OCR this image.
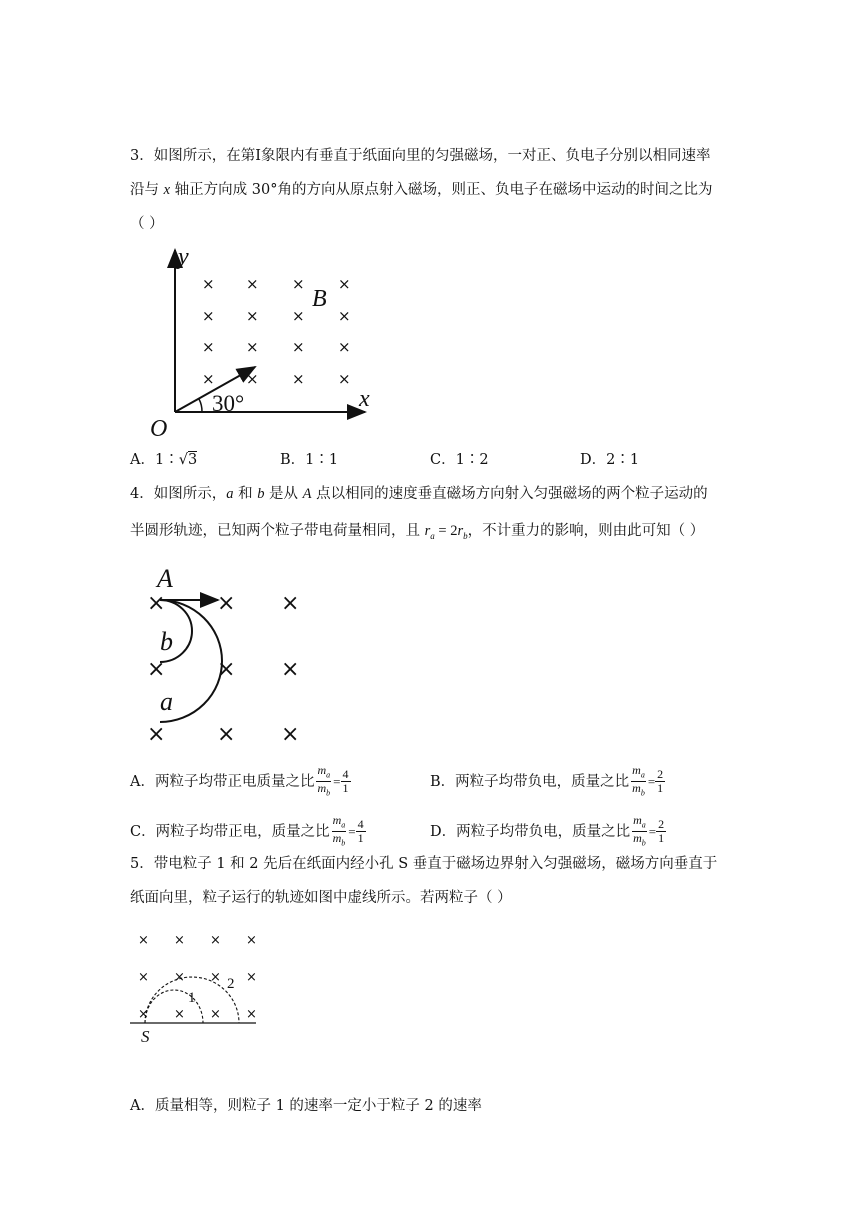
3．如图所示，在第Ⅰ象限内有垂直于纸面向里的匀强磁场，一对正、负电子分别以相同速率
沿与 x 轴正方向成 30°角的方向从原点射入磁场，则正、负电子在磁场中运动的时间之比为
（ ）
× × × ×
× × × ×
× × × ×
× × × ×
y
x
O
B
30°
A．1∶√3	B．1∶1	C．1∶2	D．2∶1
4．如图所示，a 和 b 是从 A 点以相同的速度垂直磁场方向射入匀强磁场的两个粒子运动的
半圆形轨迹，已知两个粒子带电荷量相同，且 $r_a = 2r_b$，不计重力的影响，则由此可知（ ）
× × ×
× × ×
× × ×
A
b
a
A．两粒子均带正电质量之比 $\frac{m_a}{m_b} = \frac{4}{1}$	B．两粒子均带负电，质量之比 $\frac{m_a}{m_b} = \frac{2}{1}$
C．两粒子均带正电，质量之比 $\frac{m_a}{m_b} = \frac{4}{1}$	D．两粒子均带负电，质量之比 $\frac{m_a}{m_b} = \frac{2}{1}$
5．带电粒子 1 和 2 先后在纸面内经小孔 S 垂直于磁场边界射入匀强磁场，磁场方向垂直于
纸面向里，粒子运行的轨迹如图中虚线所示。若两粒子（ ）
× × × ×
× × × ×
× × × ×
1
2
S
A．质量相等，则粒子 1 的速率一定小于粒子 2 的速率
